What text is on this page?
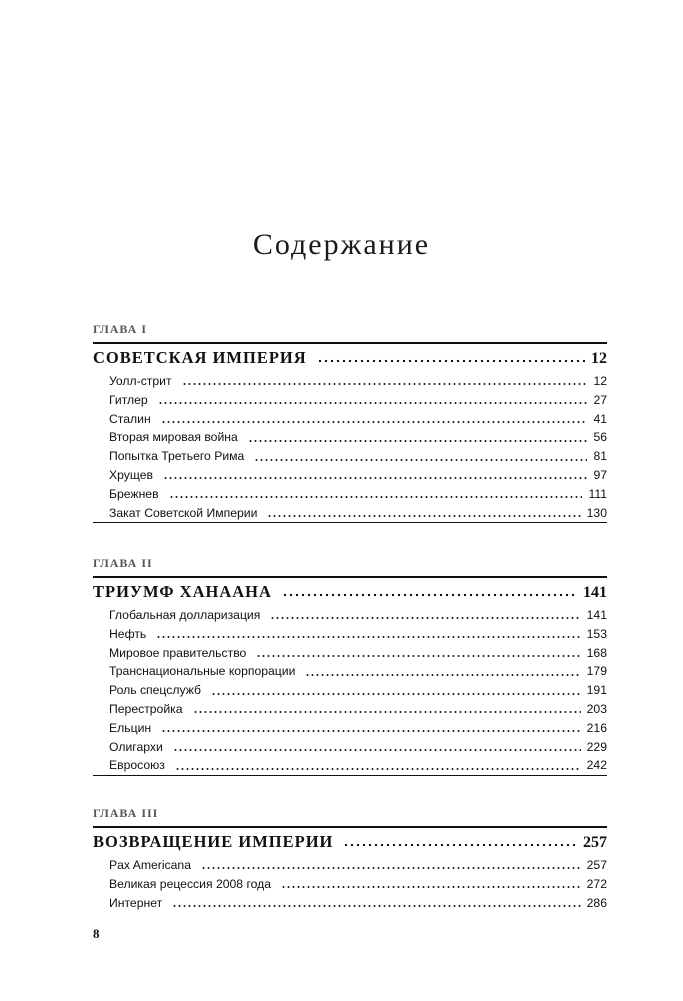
Содержание
ГЛАВА I
СОВЕТСКАЯ ИМПЕРИЯ	12
Уолл-стрит	12
Гитлер	27
Сталин	41
Вторая мировая война	56
Попытка Третьего Рима	81
Хрущев	97
Брежнев	111
Закат Советской Империи	130
ГЛАВА II
ТРИУМФ ХАНААНА	141
Глобальная долларизация	141
Нефть	153
Мировое правительство	168
Транснациональные корпорации	179
Роль спецслужб	191
Перестройка	203
Ельцин	216
Олигархи	229
Евросоюз	242
ГЛАВА III
ВОЗВРАЩЕНИЕ ИМПЕРИИ	257
Pax Americana	257
Великая рецессия 2008 года	272
Интернет	286
8
